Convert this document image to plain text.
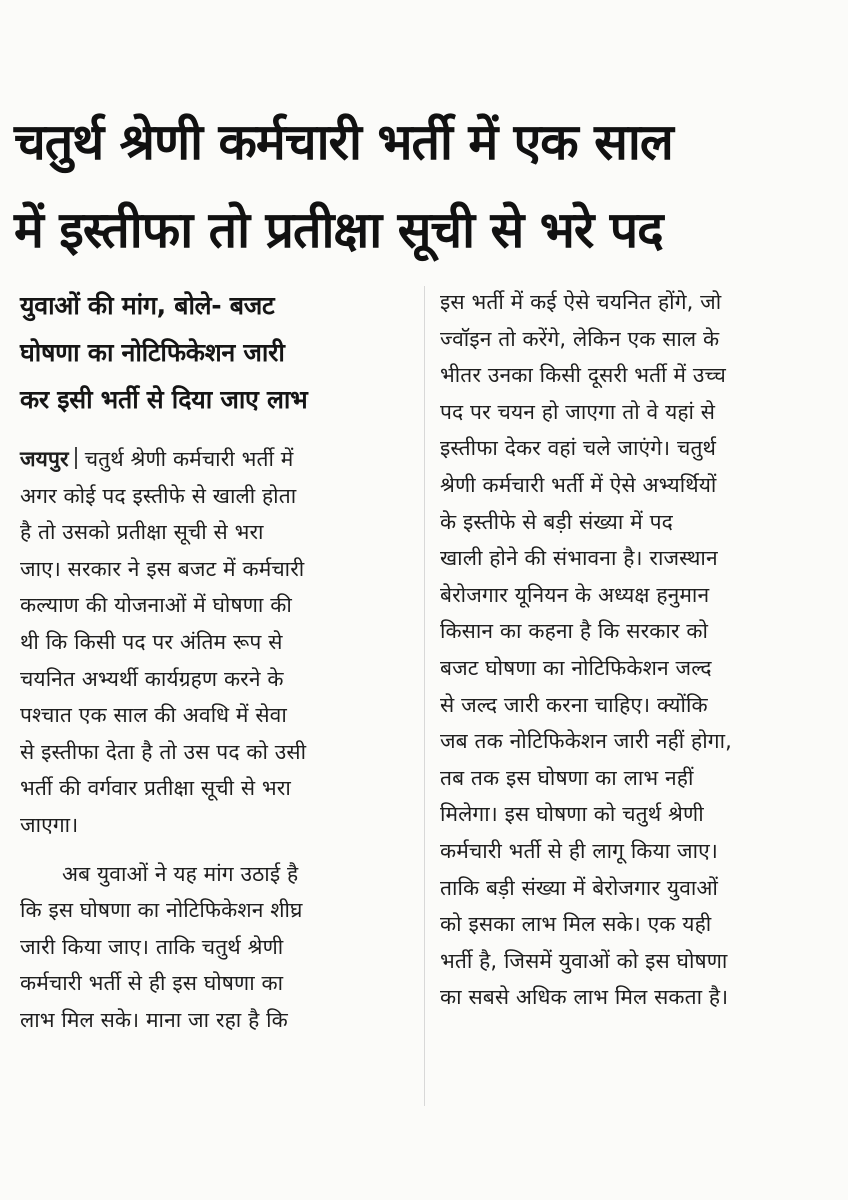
चतुर्थ श्रेणी कर्मचारी भर्ती में एक साल
में इस्तीफा तो प्रतीक्षा सूची से भरे पद
युवाओं की मांग, बोले- बजट
घोषणा का नोटिफिकेशन जारी
कर इसी भर्ती से दिया जाए लाभ

जयपुर चतुर्थ श्रेणी कर्मचारी भर्ती में
अगर कोई पद इस्तीफे से खाली होता
है तो उसको प्रतीक्षा सूची से भरा
जाए। सरकार ने इस बजट में कर्मचारी
कल्याण की योजनाओं में घोषणा की
थी कि किसी पद पर अंतिम रूप से
चयनित अभ्यर्थी कार्यग्रहण करने के
पश्चात एक साल की अवधि में सेवा
से इस्तीफा देता है तो उस पद को उसी
भर्ती की वर्गवार प्रतीक्षा सूची से भरा
जाएगा।

अब युवाओं ने यह मांग उठाई है
कि इस घोषणा का नोटिफिकेशन शीघ्र
जारी किया जाए। ताकि चतुर्थ श्रेणी
कर्मचारी भर्ती से ही इस घोषणा का
लाभ मिल सके। माना जा रहा है कि

इस भर्ती में कई ऐसे चयनित होंगे, जो
ज्वॉइन तो करेंगे, लेकिन एक साल के
भीतर उनका किसी दूसरी भर्ती में उच्च
पद पर चयन हो जाएगा तो वे यहां से
इस्तीफा देकर वहां चले जाएंगे। चतुर्थ
श्रेणी कर्मचारी भर्ती में ऐसे अभ्यर्थियों
के इस्तीफे से बड़ी संख्या में पद
खाली होने की संभावना है। राजस्थान
बेरोजगार यूनियन के अध्यक्ष हनुमान
किसान का कहना है कि सरकार को
बजट घोषणा का नोटिफिकेशन जल्द
से जल्द जारी करना चाहिए। क्योंकि
जब तक नोटिफिकेशन जारी नहीं होगा,
तब तक इस घोषणा का लाभ नहीं
मिलेगा। इस घोषणा को चतुर्थ श्रेणी
कर्मचारी भर्ती से ही लागू किया जाए।
ताकि बड़ी संख्या में बेरोजगार युवाओं
को इसका लाभ मिल सके। एक यही
भर्ती है, जिसमें युवाओं को इस घोषणा
का सबसे अधिक लाभ मिल सकता है।
